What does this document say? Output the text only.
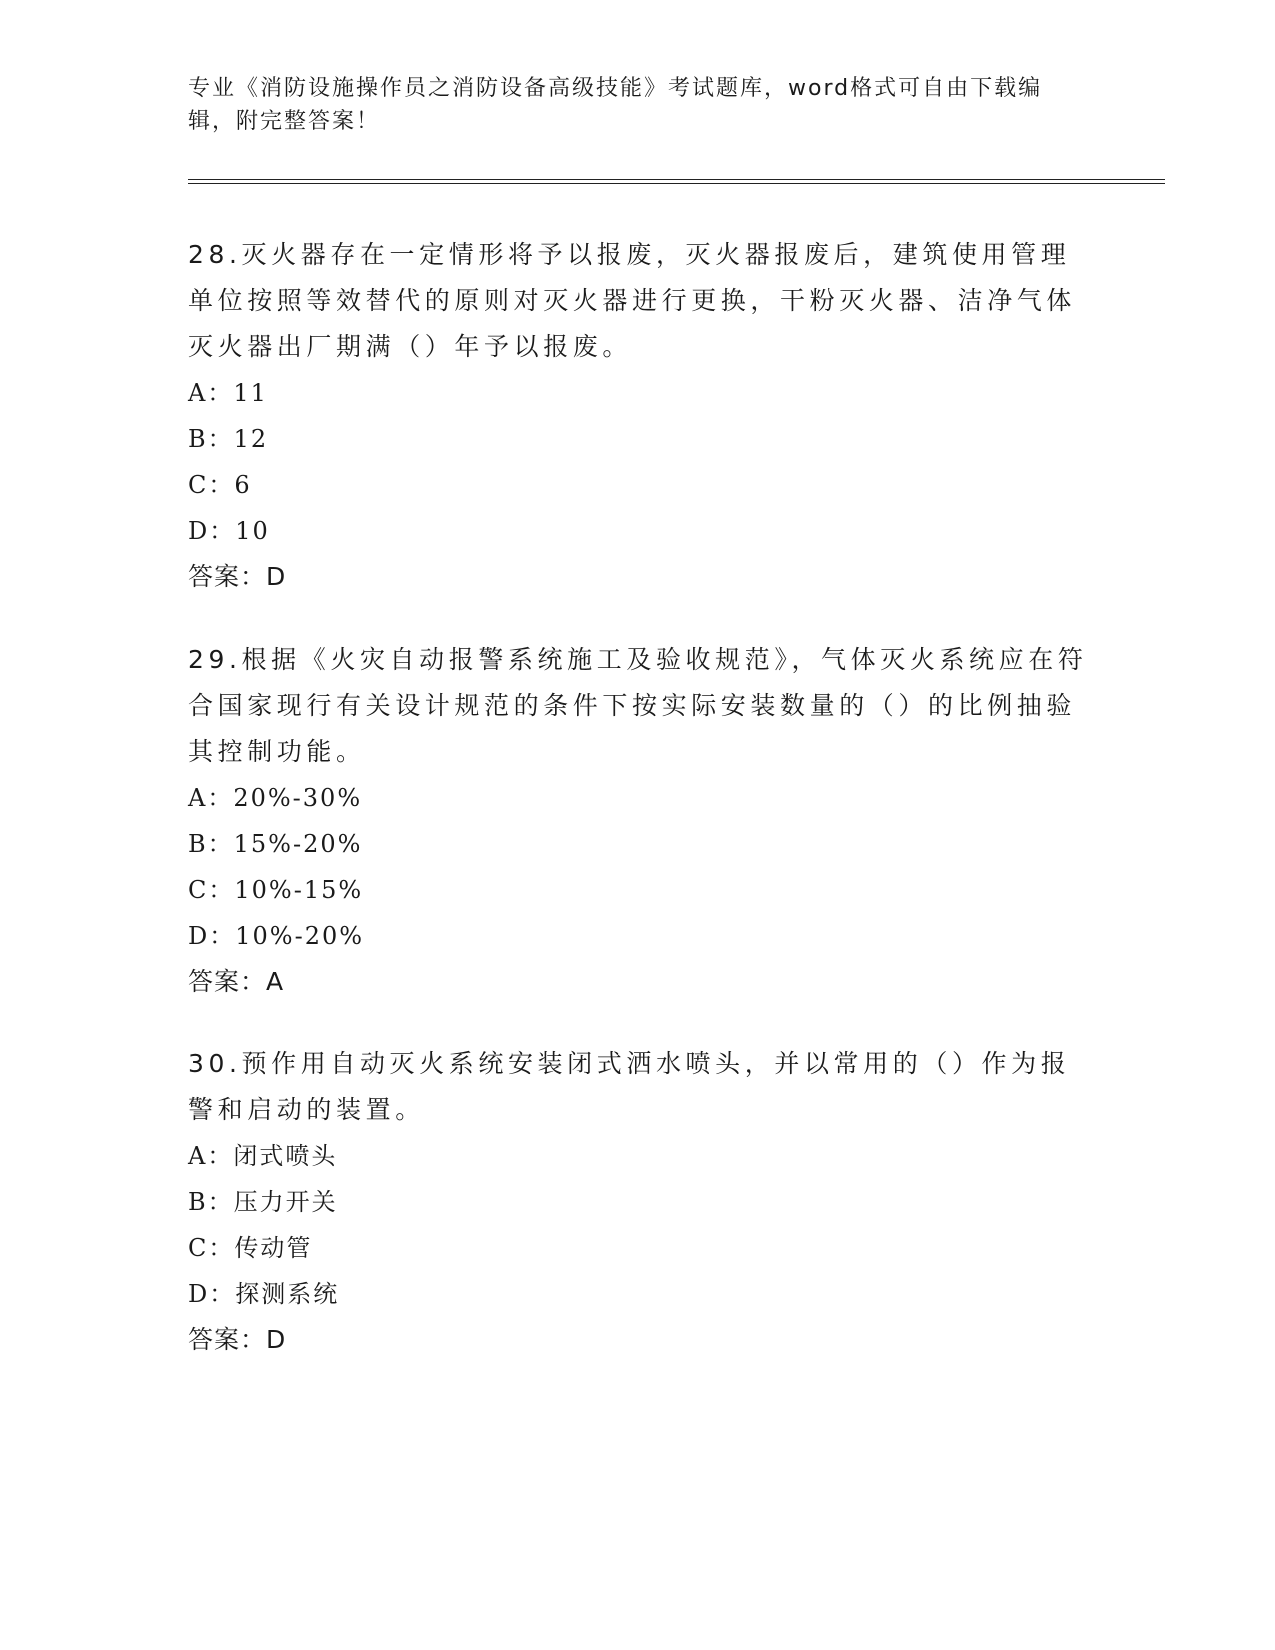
专业《消防设施操作员之消防设备高级技能》考试题库，word格式可自由下载编辑，附完整答案！

28.灭火器存在一定情形将予以报废，灭火器报废后，建筑使用管理单位按照等效替代的原则对灭火器进行更换，干粉灭火器、洁净气体灭火器出厂期满（）年予以报废。

A：11

B：12

C：6

D：10

答案：D

29.根据《火灾自动报警系统施工及验收规范》，气体灭火系统应在符合国家现行有关设计规范的条件下按实际安装数量的（）的比例抽验其控制功能。

A：20%-30%

B：15%-20%

C：10%-15%

D：10%-20%

答案：A

30.预作用自动灭火系统安装闭式洒水喷头，并以常用的（）作为报警和启动的装置。

A：闭式喷头

B：压力开关

C：传动管

D：探测系统

答案：D
